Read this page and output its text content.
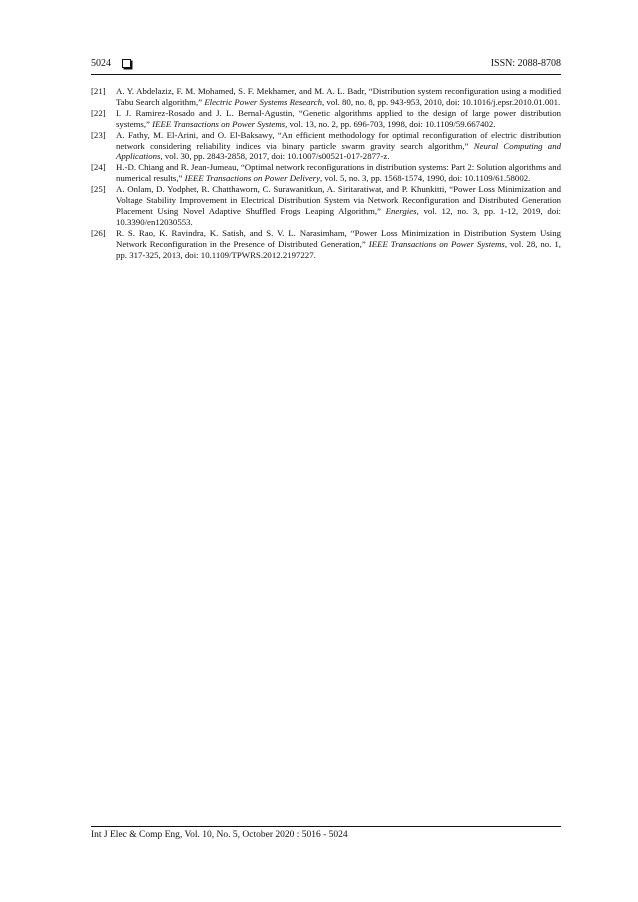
5024	ISSN: 2088-8708
[21] A. Y. Abdelaziz, F. M. Mohamed, S. F. Mekhamer, and M. A. L. Badr, “Distribution system reconfiguration using a modified Tabu Search algorithm,” Electric Power Systems Research, vol. 80, no. 8, pp. 943-953, 2010, doi: 10.1016/j.epsr.2010.01.001.
[22] I. J. Ramirez-Rosado and J. L. Bernal-Agustin, “Genetic algorithms applied to the design of large power distribution systems,” IEEE Transactions on Power Systems, vol. 13, no. 2, pp. 696-703, 1998, doi: 10.1109/59.667402.
[23] A. Fathy, M. El-Arini, and O. El-Baksawy, “An efficient methodology for optimal reconfiguration of electric distribution network considering reliability indices via binary particle swarm gravity search algorithm,” Neural Computing and Applications, vol. 30, pp. 2843-2858, 2017, doi: 10.1007/s00521-017-2877-z.
[24] H.-D. Chiang and R. Jean-Jumeau, “Optimal network reconfigurations in distribution systems: Part 2: Solution algorithms and numerical results,” IEEE Transactions on Power Delivery, vol. 5, no. 3, pp. 1568-1574, 1990, doi: 10.1109/61.58002.
[25] A. Onlam, D. Yodphet, R. Chatthaworn, C. Surawanitkun, A. Siritaratiwat, and P. Khunkitti, “Power Loss Minimization and Voltage Stability Improvement in Electrical Distribution System via Network Reconfiguration and Distributed Generation Placement Using Novel Adaptive Shuffled Frogs Leaping Algorithm,” Energies, vol. 12, no. 3, pp. 1-12, 2019, doi: 10.3390/en12030553.
[26] R. S. Rao, K. Ravindra, K. Satish, and S. V. L. Narasimham, “Power Loss Minimization in Distribution System Using Network Reconfiguration in the Presence of Distributed Generation,” IEEE Transactions on Power Systems, vol. 28, no. 1, pp. 317-325, 2013, doi: 10.1109/TPWRS.2012.2197227.
Int J Elec & Comp Eng, Vol. 10, No. 5, October 2020 : 5016 - 5024
